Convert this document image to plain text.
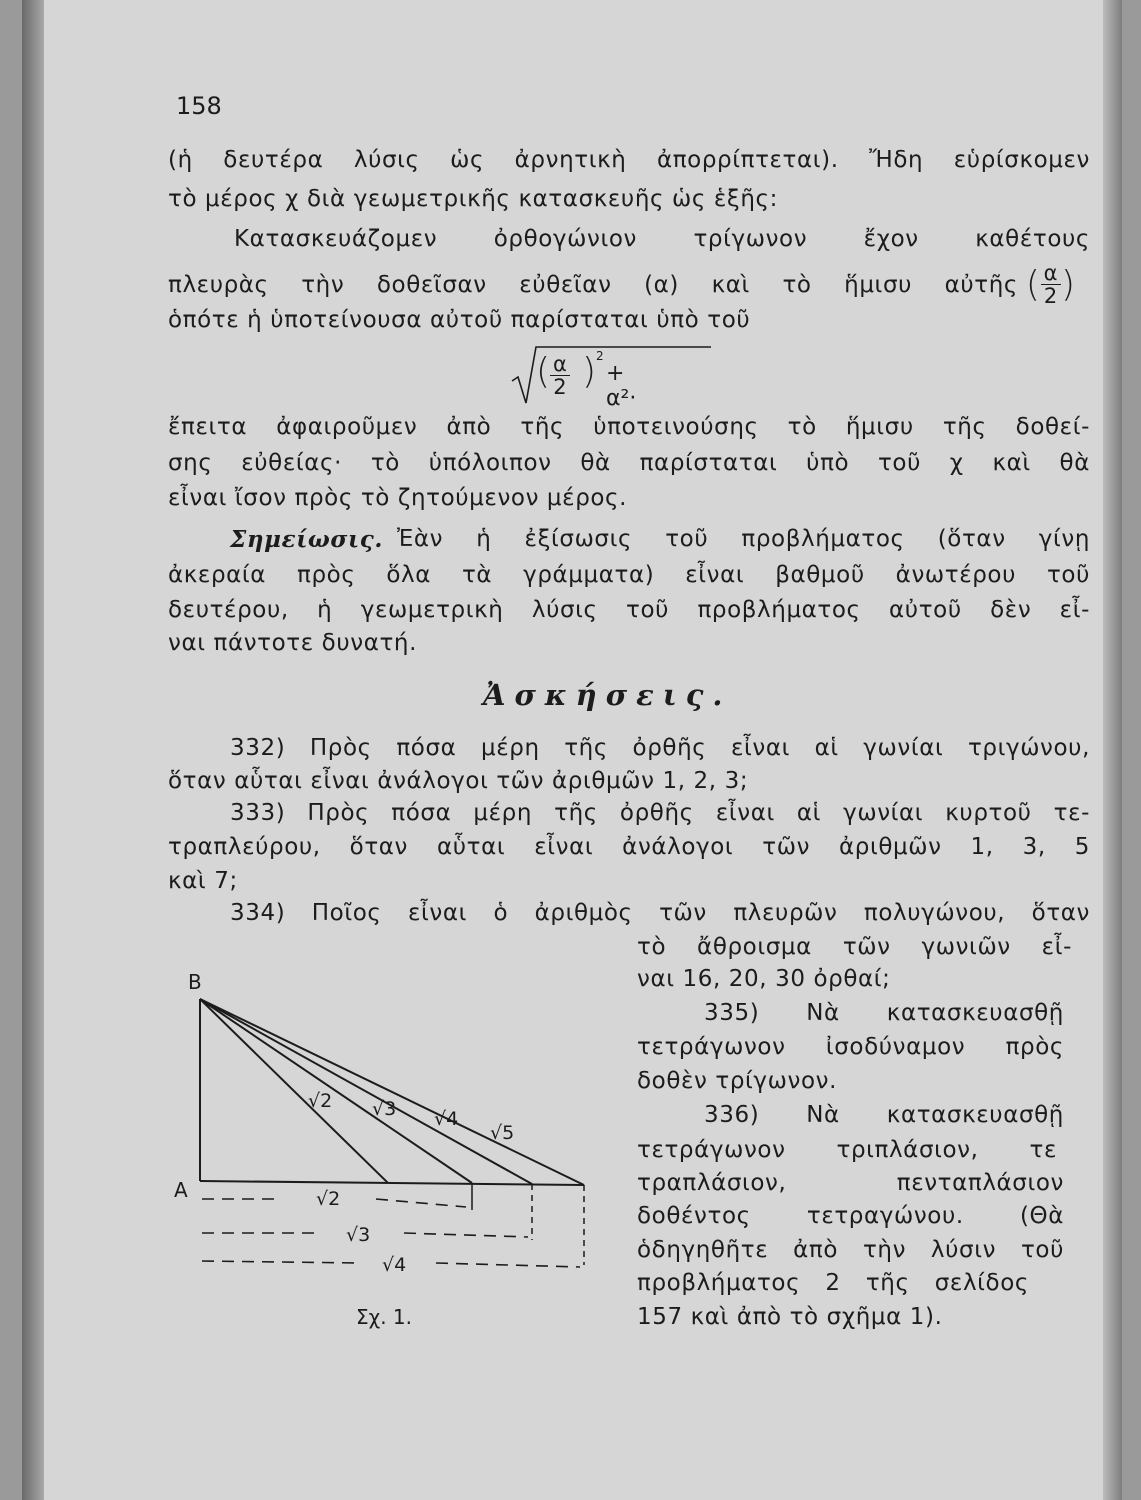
158
(ἡ δευτέρα λύσις ὡς ἀρνητικὴ ἀπορρίπτεται). Ἤδη εὑρίσκομεν
τὸ μέρος χ διὰ γεωμετρικῆς κατασκευῆς ὡς ἑξῆς:
Κατασκευάζομεν ὀρθογώνιον τρίγωνον ἔχον καθέτους
πλευρὰς τὴν δοθεῖσαν εὐθεῖαν (α) καὶ τὸ ἥμισυ αὐτῆς ( $\frac{\alpha}{2}$ )
ὁπότε ἡ ὑποτείνουσα αὐτοῦ παρίσταται ὑπὸ τοῦ
( $\frac{\alpha}{2}$ ) 2
+ α²·
ἔπειτα ἀφαιροῦμεν ἀπὸ τῆς ὑποτεινούσης τὸ ἥμισυ τῆς δοθεί-
σης εὐθείας· τὸ ὑπόλοιπον θὰ παρίσταται ὑπὸ τοῦ χ καὶ θὰ
εἶναι ἴσον πρὸς τὸ ζητούμενον μέρος.
Σημείωσις. Ἐὰν ἡ ἐξίσωσις τοῦ προβλήματος (ὅταν γίνῃ
ἀκεραία πρὸς ὅλα τὰ γράμματα) εἶναι βαθμοῦ ἀνωτέρου τοῦ
δευτέρου, ἡ γεωμετρικὴ λύσις τοῦ προβλήματος αὐτοῦ δὲν εἶ-
ναι πάντοτε δυνατή.
Ἀσκήσεις.
332) Πρὸς πόσα μέρη τῆς ὀρθῆς εἶναι αἱ γωνίαι τριγώνου,
ὅταν αὗται εἶναι ἀνάλογοι τῶν ἀριθμῶν 1, 2, 3;
333) Πρὸς πόσα μέρη τῆς ὀρθῆς εἶναι αἱ γωνίαι κυρτοῦ τε-
τραπλεύρου, ὅταν αὗται εἶναι ἀνάλογοι τῶν ἀριθμῶν 1, 3, 5
καὶ 7;
334) Ποῖος εἶναι ὁ ἀριθμὸς τῶν πλευρῶν πολυγώνου, ὅταν
τὸ ἄθροισμα τῶν γωνιῶν εἶ-
ναι 16, 20, 30 ὀρθαί;
335) Νὰ κατασκευασθῇ
τετράγωνον ἰσοδύναμον πρὸς
δοθὲν τρίγωνον.
336) Νὰ κατασκευασθῇ
τετράγωνον τριπλάσιον, τε
τραπλάσιον, πενταπλάσιον
δοθέντος τετραγώνου. (Θὰ
ὁδηγηθῆτε ἀπὸ τὴν λύσιν τοῦ
προβλήματος 2 τῆς σελίδος
157 καὶ ἀπὸ τὸ σχῆμα 1).
B
A
√2 √3 √4
√5
√2
√3
√4
Σχ. 1.
